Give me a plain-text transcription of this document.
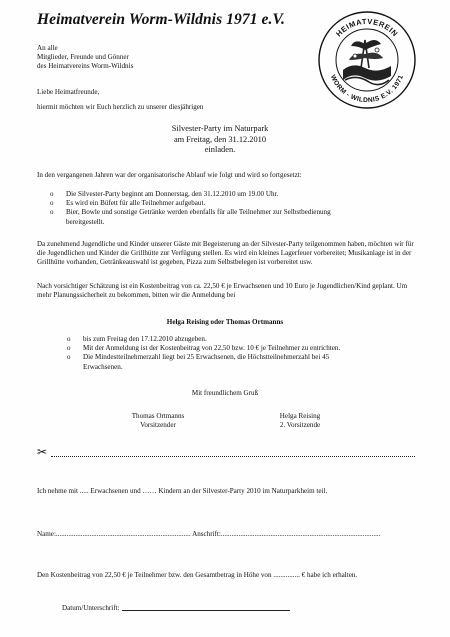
Heimatverein Worm-Wildnis 1971 e.V.
HEIMATVEREIN
WORM - WILDNIS E.V. 1971
An alle
Mitglieder, Freunde und Gönner
des Heimatvereins Worm-Wildnis
Liebe Heimatfreunde,
hiermit möchten wir Euch herzlich zu unserer diesjährigen
Silvester-Party im Naturpark
am Freitag, den 31.12.2010
einladen.
In den vergangenen Jahren war der organisatorische Ablauf wie folgt und wird so fortgesetzt:
o Die Silvester-Party beginnt am Donnerstag, den 31.12.2010 um 19.00 Uhr.
o Es wird ein Büfett für alle Teilnehmer aufgebaut.
o Bier, Bowle und sonstige Getränke werden ebenfalls für alle Teilnehmer zur Selbstbedienung bereitgestellt.
Da zunehmend Jugendliche und Kinder unserer Gäste mit Begeisterung an der Silvester-Party teilgenommen haben, möchten wir für die Jugendlichen und Kinder die Grillhütte zur Verfügung stellen. Es wird ein kleines Lagerfeuer vorbereitet; Musikanlage ist in der Grillhütte vorhanden, Getränkeauswahl ist gegeben, Pizza zum Selbstbelegen ist vorbereitet usw.
Nach vorsichtiger Schätzung ist ein Kostenbeitrag von ca. 22,50 € je Erwachsenen und 10 Euro je Jugendlichen/Kind geplant. Um mehr Planungssicherheit zu bekommen, bitten wir die Anmeldung bei
Helga Reising oder Thomas Ortmanns
o bis zum Freitag den 17.12.2010 abzugeben.
o Mit der Anmeldung ist der Kostenbeitrag von 22,50 bzw. 10 € je Teilnehmer zu entrichten.
o Die Mindestteilnehmerzahl liegt bei 25 Erwachsenen, die Höchstteilnehmerzahl bei 45 Erwachsenen.
Mit freundlichem Gruß
Thomas Ortmanns
Vorsitzender
Helga Reising
2. Vorsitzende
✂
Ich nehme mit ..... Erwachsenen und …… Kindern an der Silvester-Party 2010 im Naturparkheim teil.
Name:............................................................................ Anschrift:..........................................................................................
Den Kostenbeitrag von 22,50 € je Teilnehmer bzw. den Gesamtbetrag in Höhe von ............... € habe ich erhalten.
Datum/Unterschrift:
